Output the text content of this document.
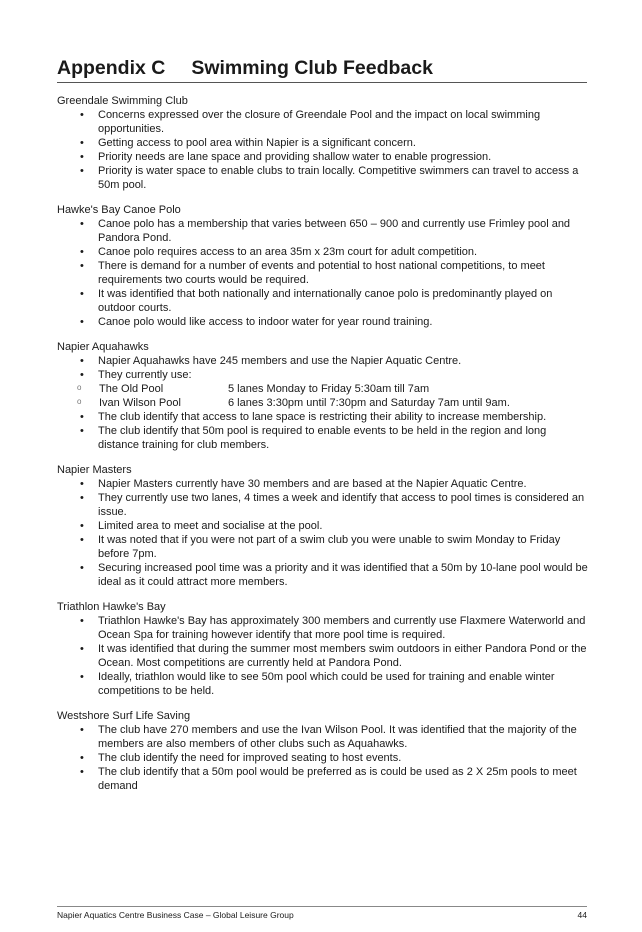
Appendix C Swimming Club Feedback

Greendale Swimming Club

• Concerns expressed over the closure of Greendale Pool and the impact on local swimming opportunities.
• Getting access to pool area within Napier is a significant concern.
• Priority needs are lane space and providing shallow water to enable progression.
• Priority is water space to enable clubs to train locally. Competitive swimmers can travel to access a 50m pool.

Hawke's Bay Canoe Polo

• Canoe polo has a membership that varies between 650 – 900 and currently use Frimley pool and Pandora Pond.
• Canoe polo requires access to an area 35m x 23m court for adult competition.
• There is demand for a number of events and potential to host national competitions, to meet requirements two courts would be required.
• It was identified that both nationally and internationally canoe polo is predominantly played on outdoor courts.
• Canoe polo would like access to indoor water for year round training.

Napier Aquahawks

• Napier Aquahawks have 245 members and use the Napier Aquatic Centre.
• They currently use:
o The Old Pool	5 lanes Monday to Friday 5:30am till 7am
o Ivan Wilson Pool	6 lanes 3:30pm until 7:30pm and Saturday 7am until 9am.
• The club identify that access to lane space is restricting their ability to increase membership.
• The club identify that 50m pool is required to enable events to be held in the region and long distance training for club members.

Napier Masters

• Napier Masters currently have 30 members and are based at the Napier Aquatic Centre.
• They currently use two lanes, 4 times a week and identify that access to pool times is considered an issue.
• Limited area to meet and socialise at the pool.
• It was noted that if you were not part of a swim club you were unable to swim Monday to Friday before 7pm.
• Securing increased pool time was a priority and it was identified that a 50m by 10-lane pool would be ideal as it could attract more members.

Triathlon Hawke's Bay

• Triathlon Hawke's Bay has approximately 300 members and currently use Flaxmere Waterworld and Ocean Spa for training however identify that more pool time is required.
• It was identified that during the summer most members swim outdoors in either Pandora Pond or the Ocean. Most competitions are currently held at Pandora Pond.
• Ideally, triathlon would like to see 50m pool which could be used for training and enable winter competitions to be held.

Westshore Surf Life Saving

• The club have 270 members and use the Ivan Wilson Pool. It was identified that the majority of the members are also members of other clubs such as Aquahawks.
• The club identify the need for improved seating to host events.
• The club identify that a 50m pool would be preferred as is could be used as 2 X 25m pools to meet demand
Napier Aquatics Centre Business Case – Global Leisure Group	44
